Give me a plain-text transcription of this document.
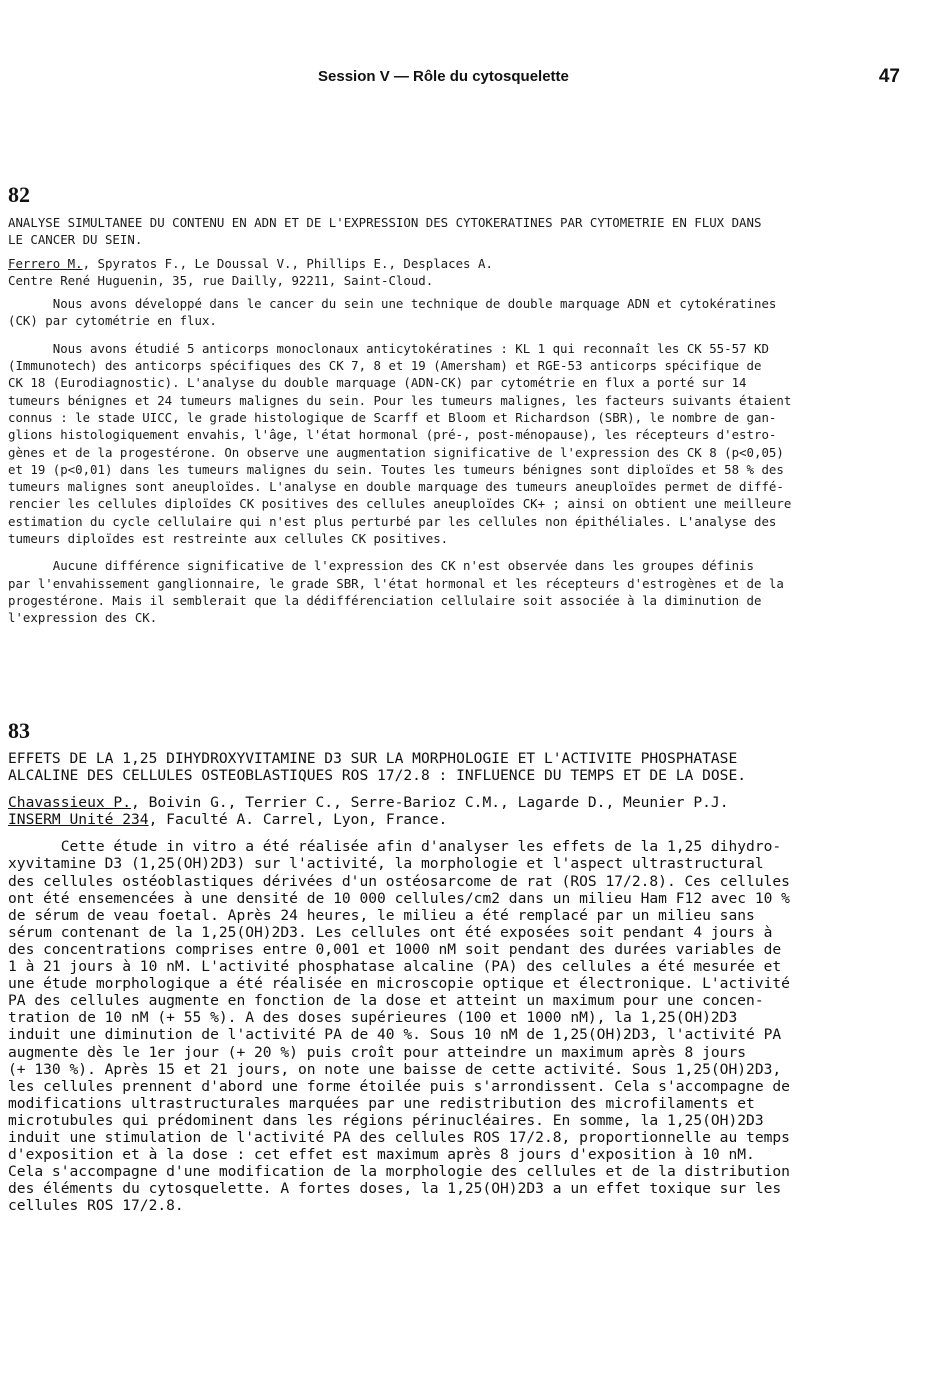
Session V — Rôle du cytosquelette	47
82
ANALYSE SIMULTANEE DU CONTENU EN ADN ET DE L'EXPRESSION DES CYTOKERATINES PAR CYTOMETRIE EN FLUX DANS
LE CANCER DU SEIN.
Ferrero M., Spyratos F., Le Doussal V., Phillips E., Desplaces A.
Centre René Huguenin, 35, rue Dailly, 92211, Saint-Cloud.
Nous avons développé dans le cancer du sein une technique de double marquage ADN et cytokératines
(CK) par cytométrie en flux.
Nous avons étudié 5 anticorps monoclonaux anticytokératines : KL 1 qui reconnaît les CK 55-57 KD
(Immunotech) des anticorps spécifiques des CK 7, 8 et 19 (Amersham) et RGE-53 anticorps spécifique de
CK 18 (Eurodiagnostic). L'analyse du double marquage (ADN-CK) par cytométrie en flux a porté sur 14
tumeurs bénignes et 24 tumeurs malignes du sein. Pour les tumeurs malignes, les facteurs suivants étaient
connus : le stade UICC, le grade histologique de Scarff et Bloom et Richardson (SBR), le nombre de gan-
glions histologiquement envahis, l'âge, l'état hormonal (pré-, post-ménopause), les récepteurs d'estro-
gènes et de la progestérone. On observe une augmentation significative de l'expression des CK 8 (p<0,05)
et 19 (p<0,01) dans les tumeurs malignes du sein. Toutes les tumeurs bénignes sont diploïdes et 58 % des
tumeurs malignes sont aneuploïdes. L'analyse en double marquage des tumeurs aneuploïdes permet de diffé-
rencier les cellules diploïdes CK positives des cellules aneuploïdes CK+ ; ainsi on obtient une meilleure
estimation du cycle cellulaire qui n'est plus perturbé par les cellules non épithéliales. L'analyse des
tumeurs diploïdes est restreinte aux cellules CK positives.
Aucune différence significative de l'expression des CK n'est observée dans les groupes définis
par l'envahissement ganglionnaire, le grade SBR, l'état hormonal et les récepteurs d'estrogènes et de la
progestérone. Mais il semblerait que la dédifférenciation cellulaire soit associée à la diminution de
l'expression des CK.
83
EFFETS DE LA 1,25 DIHYDROXYVITAMINE D3 SUR LA MORPHOLOGIE ET L'ACTIVITE PHOSPHATASE
ALCALINE DES CELLULES OSTEOBLASTIQUES ROS 17/2.8 : INFLUENCE DU TEMPS ET DE LA DOSE.
Chavassieux P., Boivin G., Terrier C., Serre-Barioz C.M., Lagarde D., Meunier P.J.
INSERM Unité 234, Faculté A. Carrel, Lyon, France.
Cette étude in vitro a été réalisée afin d'analyser les effets de la 1,25 dihydro-
xyvitamine D3 (1,25(OH)2D3) sur l'activité, la morphologie et l'aspect ultrastructural
des cellules ostéoblastiques dérivées d'un ostéosarcome de rat (ROS 17/2.8). Ces cellules
ont été ensemencées à une densité de 10 000 cellules/cm2 dans un milieu Ham F12 avec 10 %
de sérum de veau foetal. Après 24 heures, le milieu a été remplacé par un milieu sans
sérum contenant de la 1,25(OH)2D3. Les cellules ont été exposées soit pendant 4 jours à
des concentrations comprises entre 0,001 et 1000 nM soit pendant des durées variables de
1 à 21 jours à 10 nM. L'activité phosphatase alcaline (PA) des cellules a été mesurée et
une étude morphologique a été réalisée en microscopie optique et électronique. L'activité
PA des cellules augmente en fonction de la dose et atteint un maximum pour une concen-
tration de 10 nM (+ 55 %). A des doses supérieures (100 et 1000 nM), la 1,25(OH)2D3
induit une diminution de l'activité PA de 40 %. Sous 10 nM de 1,25(OH)2D3, l'activité PA
augmente dès le 1er jour (+ 20 %) puis croît pour atteindre un maximum après 8 jours
(+ 130 %). Après 15 et 21 jours, on note une baisse de cette activité. Sous 1,25(OH)2D3,
les cellules prennent d'abord une forme étoilée puis s'arrondissent. Cela s'accompagne de
modifications ultrastructurales marquées par une redistribution des microfilaments et
microtubules qui prédominent dans les régions périnucléaires. En somme, la 1,25(OH)2D3
induit une stimulation de l'activité PA des cellules ROS 17/2.8, proportionnelle au temps
d'exposition et à la dose : cet effet est maximum après 8 jours d'exposition à 10 nM.
Cela s'accompagne d'une modification de la morphologie des cellules et de la distribution
des éléments du cytosquelette. A fortes doses, la 1,25(OH)2D3 a un effet toxique sur les
cellules ROS 17/2.8.
